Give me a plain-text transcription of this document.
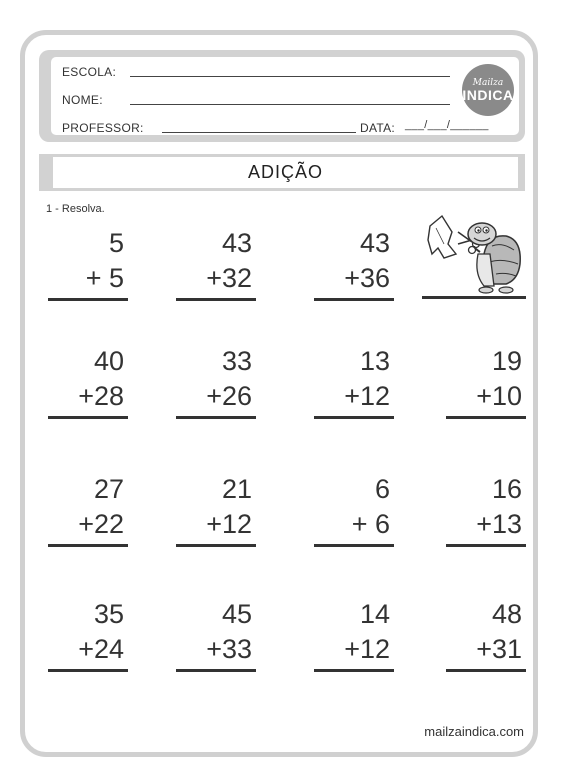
ESCOLA:
NOME:
PROFESSOR:	DATA: ___/___/______
Mailza
INDICA
ADIÇÃO
1 - Resolva.
5
+ 5
43
+32
43
+36
40
+28
33
+26
13
+12
19
+10
27
+22
21
+12
6
+ 6
16
+13
35
+24
45
+33
14
+12
48
+31
mailzaindica.com
